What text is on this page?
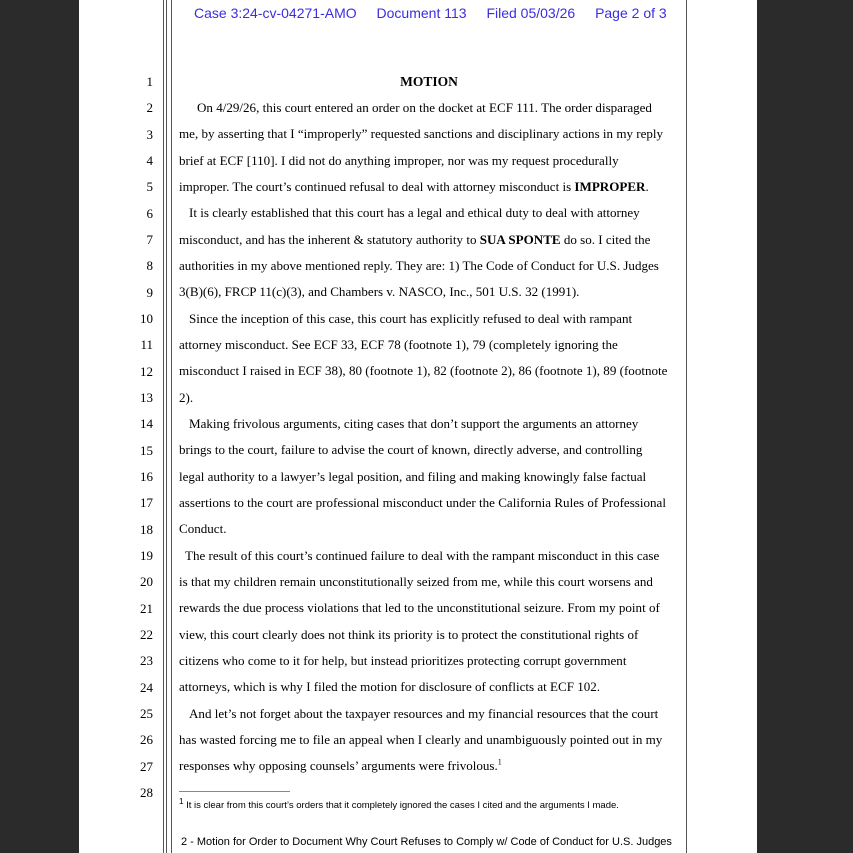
Case 3:24-cv-04271-AMO Document 113 Filed 05/03/26 Page 2 of 3
1
2
3
4
5
6
7
8
9
10
11
12
13
14
15
16
17
18
19
20
21
22
23
24
25
26
27
28
MOTION
On 4/29/26, this court entered an order on the docket at ECF 111. The order disparaged
me, by asserting that I “improperly” requested sanctions and disciplinary actions in my reply
brief at ECF [110]. I did not do anything improper, nor was my request procedurally
improper. The court’s continued refusal to deal with attorney misconduct is IMPROPER.
It is clearly established that this court has a legal and ethical duty to deal with attorney
misconduct, and has the inherent & statutory authority to SUA SPONTE do so. I cited the
authorities in my above mentioned reply. They are: 1) The Code of Conduct for U.S. Judges
3(B)(6), FRCP 11(c)(3), and Chambers v. NASCO, Inc., 501 U.S. 32 (1991).
Since the inception of this case, this court has explicitly refused to deal with rampant
attorney misconduct. See ECF 33, ECF 78 (footnote 1), 79 (completely ignoring the
misconduct I raised in ECF 38), 80 (footnote 1), 82 (footnote 2), 86 (footnote 1), 89 (footnote
2).
Making frivolous arguments, citing cases that don’t support the arguments an attorney
brings to the court, failure to advise the court of known, directly adverse, and controlling
legal authority to a lawyer’s legal position, and filing and making knowingly false factual
assertions to the court are professional misconduct under the California Rules of Professional
Conduct.
The result of this court’s continued failure to deal with the rampant misconduct in this case
is that my children remain unconstitutionally seized from me, while this court worsens and
rewards the due process violations that led to the unconstitutional seizure. From my point of
view, this court clearly does not think its priority is to protect the constitutional rights of
citizens who come to it for help, but instead prioritizes protecting corrupt government
attorneys, which is why I filed the motion for disclosure of conflicts at ECF 102.
And let’s not forget about the taxpayer resources and my financial resources that the court
has wasted forcing me to file an appeal when I clearly and unambiguously pointed out in my
responses why opposing counsels’ arguments were frivolous.$^1$
$^1$ It is clear from this court’s orders that it completely ignored the cases I cited and the arguments I made.
2 - Motion for Order to Document Why Court Refuses to Comply w/ Code of Conduct for U.S. Judges
